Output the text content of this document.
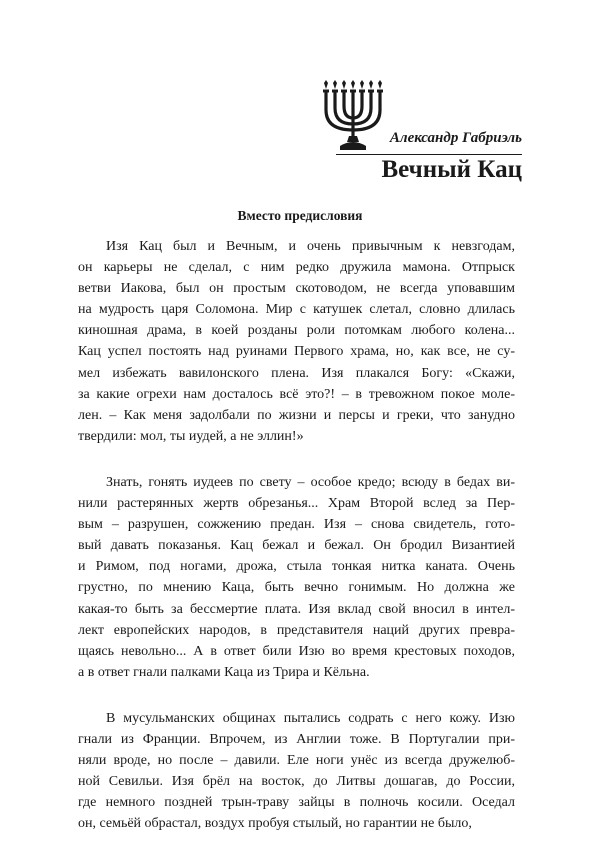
Александр Габриэль
Вечный Кац
Вместо предисловия
Изя Кац был и Вечным, и очень привычным к невзгодам,
он карьеры не сделал, с ним редко дружила мамона. Отпрыск
ветви Иакова, был он простым скотоводом, не всегда уповавшим
на мудрость царя Соломона. Мир с катушек слетал, словно длилась
киношная драма, в коей розданы роли потомкам любого колена...
Кац успел постоять над руинами Первого храма, но, как все, не су-
мел избежать вавилонского плена. Изя плакался Богу: «Скажи,
за какие огрехи нам досталось всё это?! – в тревожном покое моле-
лен. – Как меня задолбали по жизни и персы и греки, что занудно
твердили: мол, ты иудей, а не эллин!»
Знать, гонять иудеев по свету – особое кредо; всюду в бедах ви-
нили растерянных жертв обрезанья... Храм Второй вслед за Пер-
вым – разрушен, сожжению предан. Изя – снова свидетель, гото-
вый давать показанья. Кац бежал и бежал. Он бродил Византией
и Римом, под ногами, дрожа, стыла тонкая нитка каната. Очень
грустно, по мнению Каца, быть вечно гонимым. Но должна же
какая-то быть за бессмертие плата. Изя вклад свой вносил в интел-
лект европейских народов, в представителя наций других превра-
щаясь невольно... А в ответ били Изю во время крестовых походов,
а в ответ гнали палками Каца из Трира и Кёльна.
В мусульманских общинах пытались содрать с него кожу. Изю
гнали из Франции. Впрочем, из Англии тоже. В Португалии при-
няли вроде, но после – давили. Еле ноги унёс из всегда дружелюб-
ной Севильи. Изя брёл на восток, до Литвы дошагав, до России,
где немного поздней трын-траву зайцы в полночь косили. Оседал
он, семьёй обрастал, воздух пробуя стылый, но гарантии не было,
